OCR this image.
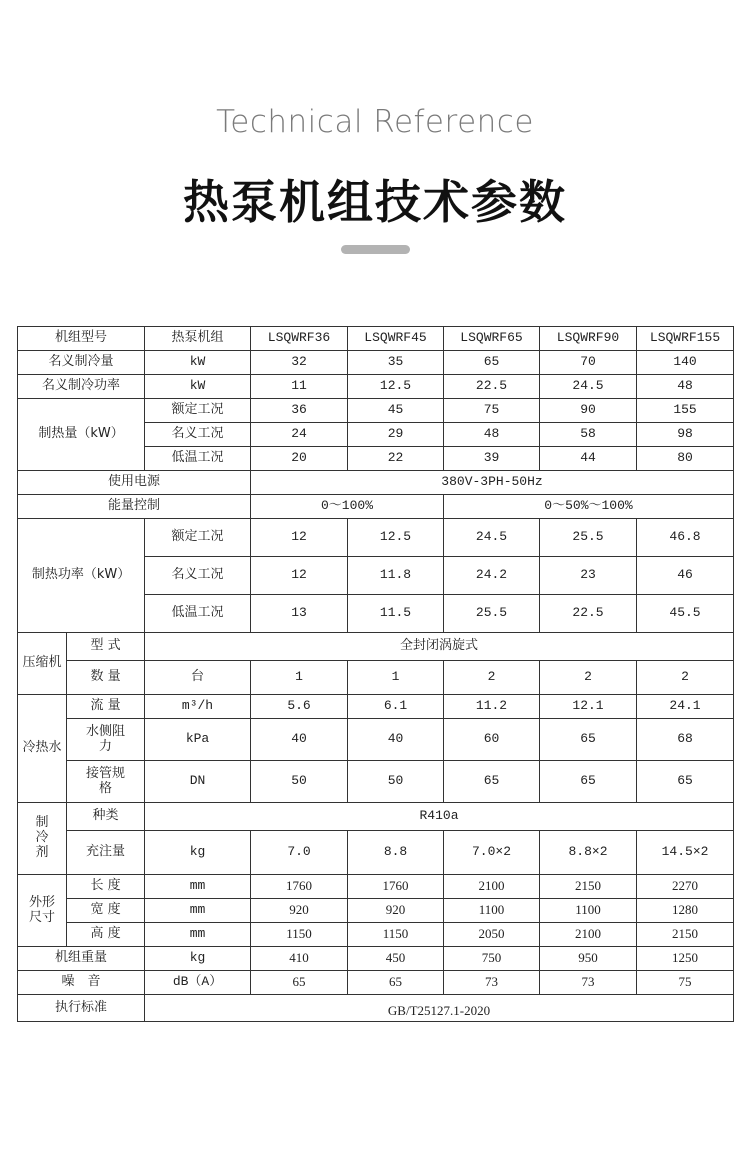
Technical Reference
热泵机组技术参数
机组型号		热泵机组	LSQWRF36	LSQWRF45	LSQWRF65	LSQWRF90	LSQWRF155
名义制冷量		kW	32	35	65	70	140
名义制冷功率		kW	11	12.5	22.5	24.5	48
制热量（kW）		额定工况	36	45	75	90	155
		名义工况	24	29	48	58	98
		低温工况	20	22	39	44	80
使用电源			380V-3PH-50Hz				
能量控制			0～100%		0～50%～100%		
制热功率（kW）		额定工况	12	12.5	24.5	25.5	46.8
		名义工况	12	11.8	24.2	23	46
		低温工况	13	11.5	25.5	22.5	45.5
压缩机	型 式	全封闭涡旋式					
	数 量	台	1	1	2	2	2
冷热水	流 量	m³/h	5.6	6.1	11.2	12.1	24.1
	水侧阻力	kPa	40	40	60	65	68
	接管规格	DN	50	50	65	65	65
制冷剂	种类	R410a					
	充注量	kg	7.0	8.8	7.0×2	8.8×2	14.5×2
外形尺寸	长 度	mm	1760	1760	2100	2150	2270
	宽 度	mm	920	920	1100	1100	1280
	高 度	mm	1150	1150	2050	2100	2150
机组重量		kg	410	450	750	950	1250
噪　音		dB（A）	65	65	73	73	75
执行标准		GB/T25127.1-2020					
